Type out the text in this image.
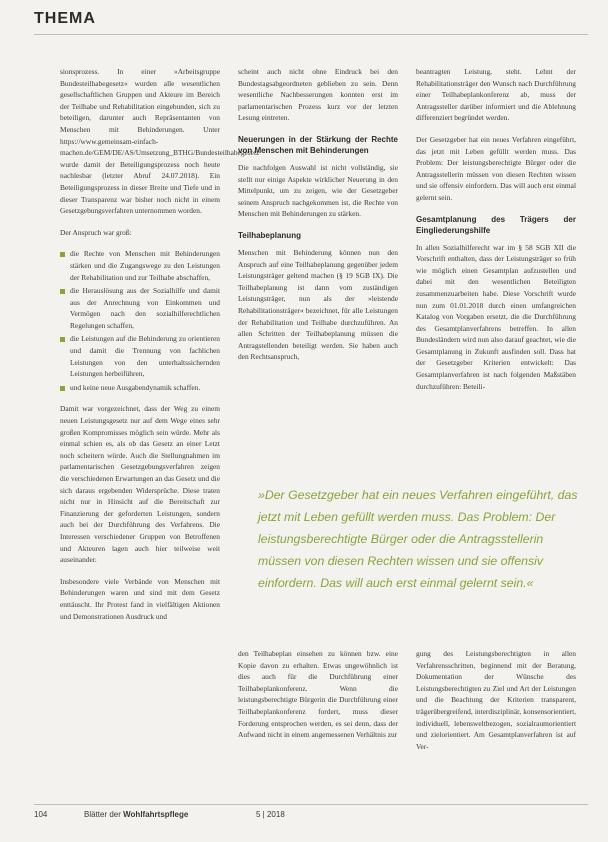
THEMA

sionsprozess. In einer »Arbeitsgruppe Bundesteilhabegesetz« wurden alle wesentlichen gesellschaftlichen Gruppen und Akteure im Bereich der Teilhabe und Rehabilitation eingebunden, sich zu beteiligen, darunter auch Repräsentanten von Menschen mit Behinderungen. Unter https://www.gemeinsam-einfach-machen.de/GEM/DE/AS/Umsetzung_BTHG/Bundesteilhabegesetz wurde damit der Beteiligungsprozess noch heute nachlesbar (letzter Abruf 24.07.2018). Ein Beteiligungsprozess in dieser Breite und Tiefe und in dieser Transparenz war bisher noch nicht in einem Gesetzgebungsverfahren unternommen worden.

Der Anspruch war groß:

die Rechte von Menschen mit Behinderungen stärken und die Zugangswege zu den Leistungen der Rehabilitation und zur Teilhabe abschaffen,
die Herauslösung aus der Sozialhilfe und damit aus der Anrechnung von Einkommen und Vermögen nach den sozialhilferechtlichen Regelungen schaffen,
die Leistungen auf die Behinderung zu orientieren und damit die Trennung von fachlichen Leistungen von den unterhaltssichernden Leistungen herbeiführen,
und keine neue Ausgabendynamik schaffen.

Damit war vorgezeichnet, dass der Weg zu einem neuen Leistungsgesetz nur auf dem Wege eines sehr großen Kompromisses möglich sein würde. Mehr als einmal schien es, als ob das Gesetz an einer Letzt noch scheitern würde. Auch die Stellungnahmen im parlamentarischen Gesetzgebungsverfahren zeigen die verschiedenen Erwartungen an das Gesetz und die sich daraus ergebenden Widersprüche. Diese traten nicht nur in Hinsicht auf die Bereitschaft zur Finanzierung der geforderten Leistungen, sondern auch bei der Durchführung des Verfahrens. Die Interessen verschiedener Gruppen von Betroffenen und Akteuren lagen auch hier teilweise weit auseinander.

Insbesondere viele Verbände von Menschen mit Behinderungen waren und sind mit dem Gesetz enttäuscht. Ihr Protest fand in vielfältigen Aktionen und Demonstrationen Ausdruck und

scheint auch nicht ohne Eindruck bei den Bundestagsabgeordneten geblieben zu sein. Denn wesentliche Nachbesserungen konnten erst im parlamentarischen Prozess kurz vor der letzten Lesung eintreten.

Neuerungen in der Stärkung der Rechte von Menschen mit Behinderungen

Die nachfolgen Auswahl ist nicht vollständig, sie stellt nur einige Aspekte wirklicher Neuerung in den Mittelpunkt, um zu zeigen, wie der Gesetzgeber seinem Anspruch nachgekommen ist, die Rechte von Menschen mit Behinderungen zu stärken.

Teilhabeplanung

Menschen mit Behinderung können nun den Anspruch auf eine Teilhabeplanung gegenüber jedem Leistungsträger geltend machen (§ 19 SGB IX). Die Teilhabeplanung ist dann vom zuständigen Leistungsträger, nun als der »leistende Rehabilitationsträger« bezeichnet, für alle Leistungen der Rehabilitation und Teilhabe durchzuführen. An allen Schritten der Teilhabeplanung müssen die Antragstellenden beteiligt werden. Sie haben auch den Rechtsanspruch,

beantragten Leistung, steht. Lehnt der Rehabilitationsträger den Wunsch nach Durchführung einer Teilhabeplankonferenz ab, muss der Antragssteller darüber informiert und die Ablehnung differenziert begründet werden.

Der Gesetzgeber hat ein neues Verfahren eingeführt, das jetzt mit Leben gefüllt werden muss. Das Problem: Der leistungsberechtigte Bürger oder die Antragsstellerin müssen von diesen Rechten wissen und sie offensiv einfordern. Das will auch erst einmal gelernt sein.

Gesamtplanung des Trägers der Eingliederungshilfe

In allen Sozialhilferecht war im § 58 SGB XII die Vorschrift enthalten, dass der Leistungsträger so früh wie möglich einen Gesamtplan aufzustellen und dabei mit den wesentlichen Beteiligten zusammenzuarbeiten habe. Diese Vorschrift wurde nun zum 01.01.2018 durch einen umfangreichen Katalog von Vorgaben ersetzt, die die Durchführung des Gesamtplanverfahrens betreffen. In allen Bundesländern wird nun also darauf geachtet, wie die Gesamtplanung in Zukunft ausfinden soll. Dass hat der Gesetzgeber Kriterien entwickelt: Das Gesamtplanverfahren ist nach folgenden Maßstäben durchzuführen: Beteili-

»Der Gesetzgeber hat ein neues Verfahren eingeführt, das jetzt mit Leben gefüllt werden muss. Das Problem: Der leistungsberechtigte Bürger oder die Antragsstellerin müssen von diesen Rechten wissen und sie offensiv einfordern. Das will auch erst einmal gelernt sein.«

den Teilhabeplan einsehen zu können bzw. eine Kopie davon zu erhalten. Etwas ungewöhnlich ist dies auch für die Durchführung einer Teilhabeplankonferenz. Wenn die leistungsberechtigte Bürgerin die Durchführung einer Teilhabeplankonferenz fordert, muss dieser Forderung entsprochen werden, es sei denn, dass der Aufwand nicht in einem angemessenen Verhältnis zur

gung des Leistungsberechtigten in allen Verfahrensschritten, beginnend mit der Beratung, Dokumentation der Wünsche des Leistungsberechtigten zu Ziel und Art der Leistungen und die Beachtung der Kriterien transparent, trägerübergreifend, interdisziplinär, konsensorientiert, individuell, lebensweltbezogen, sozialraumorientiert und zielorientiert. Am Gesamtplanverfahren ist auf Ver-

104	Blätter der Wohlfahrtspflege	5 | 2018
